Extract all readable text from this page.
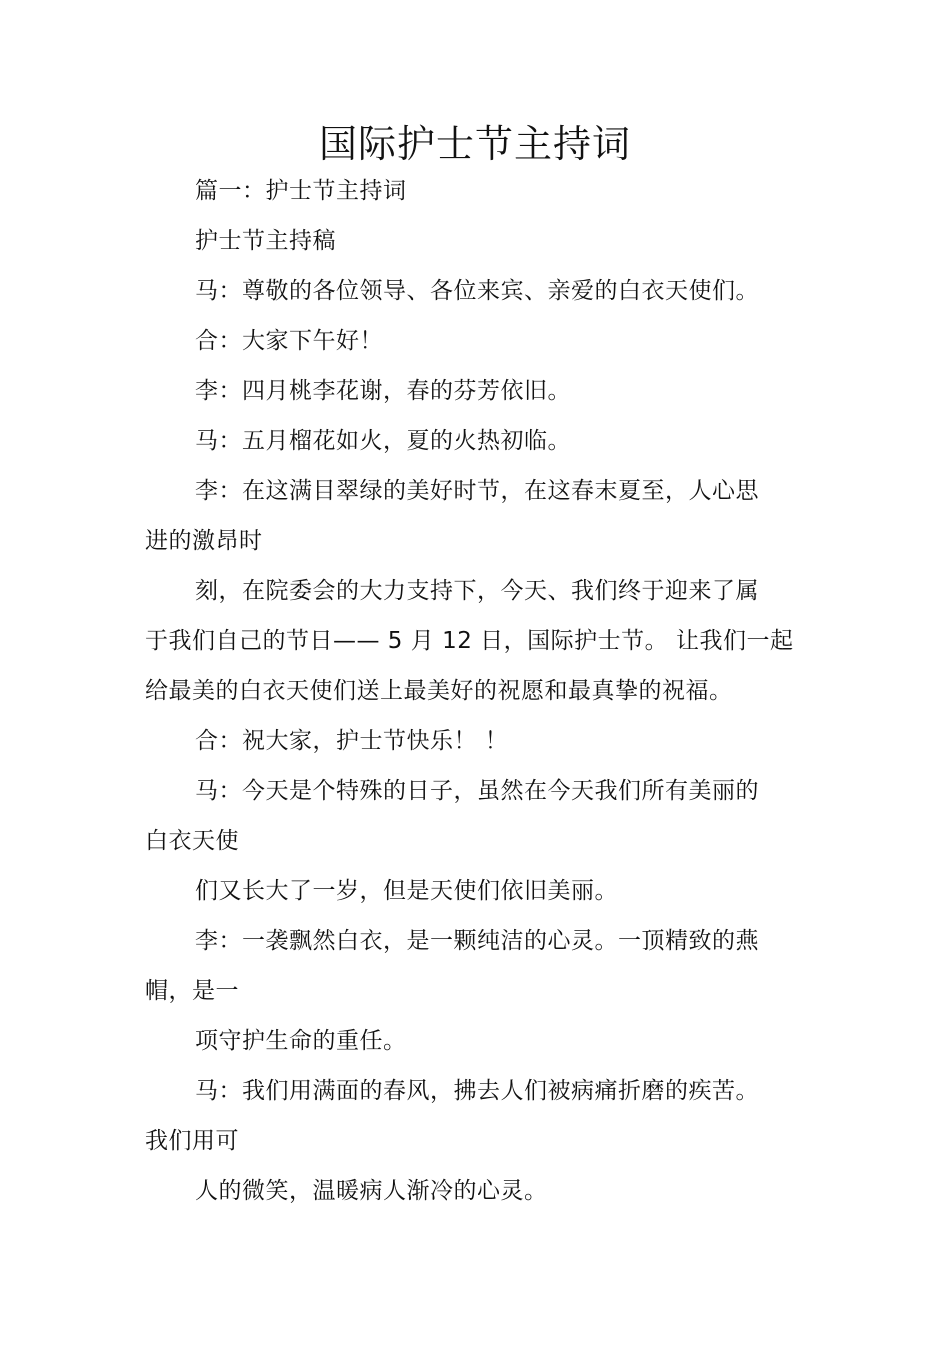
国际护士节主持词
篇一：护士节主持词
护士节主持稿
马：尊敬的各位领导、各位来宾、亲爱的白衣天使们。
合：大家下午好！
李：四月桃李花谢，春的芬芳依旧。
马：五月榴花如火，夏的火热初临。
李：在这满目翠绿的美好时节，在这春末夏至，人心思
进的激昂时
刻，在院委会的大力支持下，今天、我们终于迎来了属
于我们自己的节日—— 5 月 12 日，国际护士节。 让我们一起
给最美的白衣天使们送上最美好的祝愿和最真挚的祝福。
合：祝大家，护士节快乐！ ！
马：今天是个特殊的日子，虽然在今天我们所有美丽的
白衣天使
们又长大了一岁，但是天使们依旧美丽。
李：一袭飘然白衣，是一颗纯洁的心灵。一顶精致的燕
帽，是一
项守护生命的重任。
马：我们用满面的春风，拂去人们被病痛折磨的疾苦。
我们用可
人的微笑，温暖病人渐冷的心灵。
